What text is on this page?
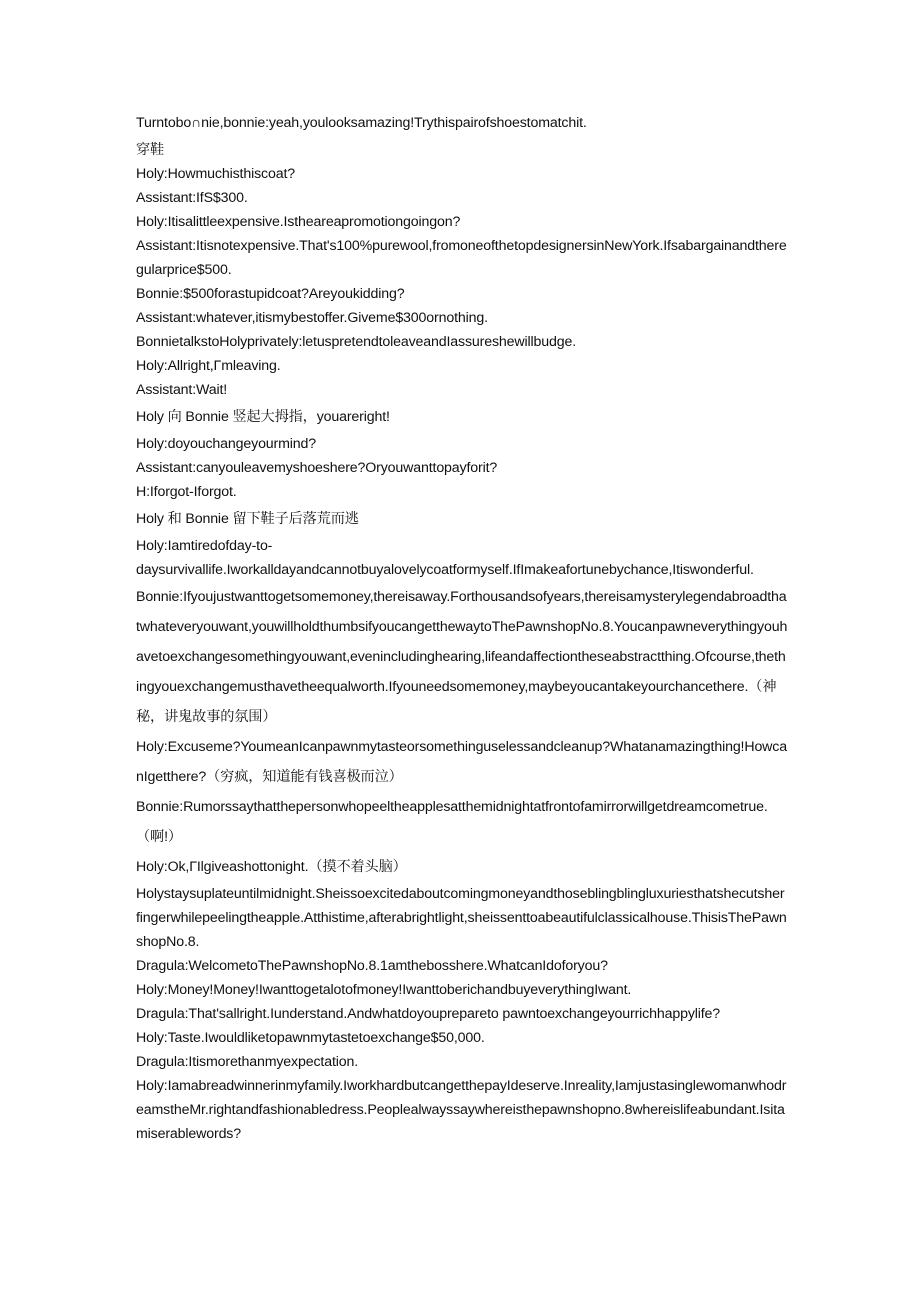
Turntobo∩nie,bonnie:yeah,youlooksamazing!Trythispairofshoestomatchit.

穿鞋

Holy:Howmuchisthiscoat?

Assistant:IfS$300.

Holy:Itisalittleexpensive.Istheareapromotiongoingon?

Assistant:Itisnotexpensive.That's100%purewool,fromoneofthetopdesignersinNewYork.Ifsabargainandtheregularprice$500.

Bonnie:$500forastupidcoat?Areyoukidding?

Assistant:whatever,itismybestoffer.Giveme$300ornothing.

BonnietalkstoHolyprivately:letuspretendtoleaveandIassureshewillbudge.

Holy:Allright,Γmleaving.

Assistant:Wait!

Holy 向 Bonnie 竖起大拇指，youareright!

Holy:doyouchangeyourmind?

Assistant:canyouleavemyshoeshere?Oryouwanttopayforit?

H:Iforgot-Iforgot.

Holy 和 Bonnie 留下鞋子后落荒而逃

Holy:Iamtiredofday-to-

daysurvivallife.Iworkalldayandcannotbuyalovelycoatformyself.IfImakeafortunebychance,Itiswonderful.

Bonnie:Ifyoujustwanttogetsomemoney,thereisaway.Forthousandsofyears,thereisamysterylegendabroadthatwhateveryouwant,youwillholdthumbsifyoucangetthewaytoThePawnshopNo.8.Youcanpawneverythingyouhavetoexchangesomethingyouwant,evenincludinghearing,lifeandaffectiontheseabstractthing.Ofcourse,thethingyouexchangemusthavetheequalworth.Ifyouneedsomemoney,maybeyoucantakeyourchancethere.（神秘，讲鬼故事的氛围）

Holy:Excuseme?YoumeanIcanpawnmytasteorsomethinguselessandcleanup?Whatanamazingthing!HowcanIgetthere?（穷疯，知道能有钱喜极而泣）

Bonnie:Rumorssaythatthepersonwhopeeltheapplesatthemidnightatfrontofamirrorwillgetdreamcometrue.（啊!）

Holy:Ok,ΓIlgiveashottonight.（摸不着头脑）

Holystaysuplateuntilmidnight.Sheissoexcitedaboutcomingmoneyandthoseblingblingluxuriesthatshecutsherfingerwhilepeelingtheapple.Atthistime,afterabrightlight,sheissenttoabeautifulclassicalhouse.ThisisThePawnshopNo.8.

Dragula:WelcometoThePawnshopNo.8.1amthebosshere.WhatcanIdoforyou?

Holy:Money!Money!Iwanttogetalotofmoney!IwanttoberichandbuyeverythingIwant.

Dragula:That'sallright.Iunderstand.Andwhatdoyouprepareto pawntoexchangeyourrichhappylife?

Holy:Taste.Iwouldliketopawnmytastetoexchange$50,000.

Dragula:Itismorethanmyexpectation.

Holy:Iamabreadwinnerinmyfamily.IworkhardbutcangetthepayIdeserve.Inreality,IamjustasinglewomanwhodreamstheMr.rightandfashionabledress.Peoplealwayssaywhereisthepawnshopno.8whereislifeabundant.Isitamiserablewords?
